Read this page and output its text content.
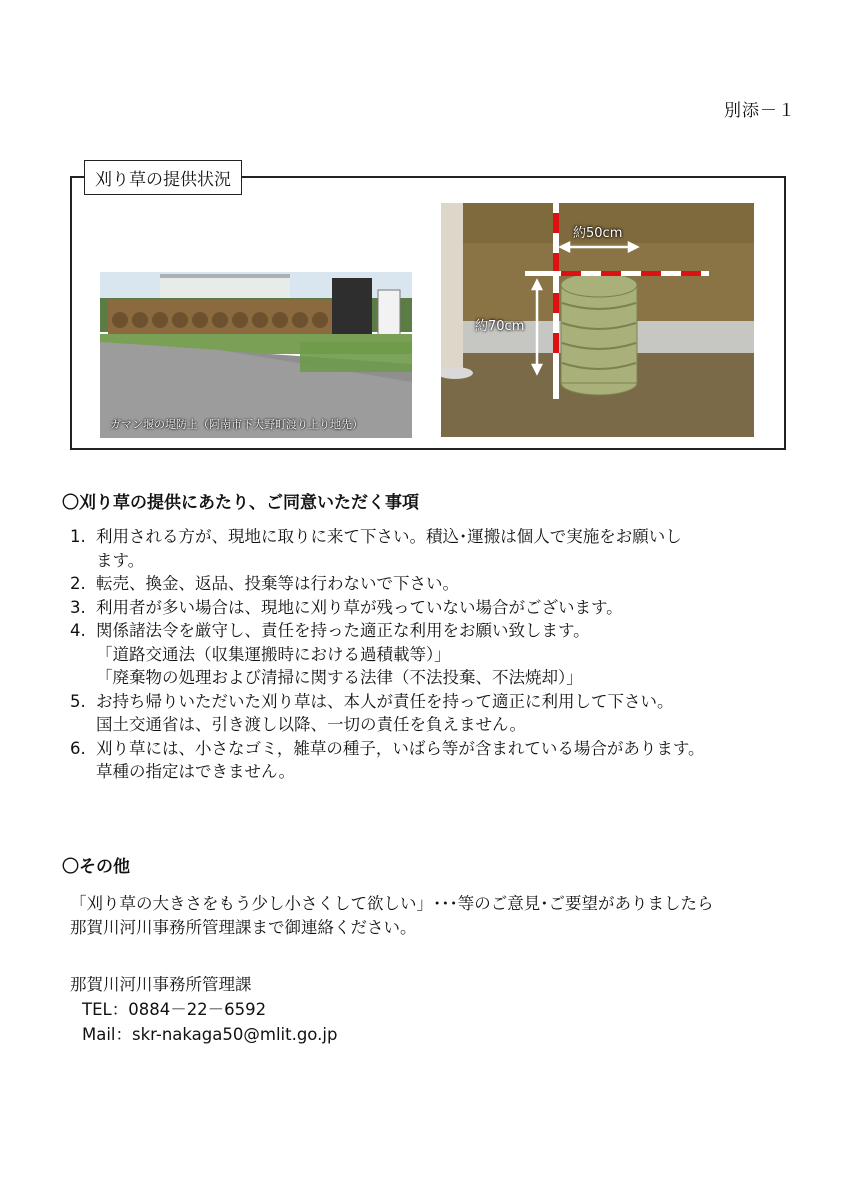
別添－１
刈り草の提供状況
ガマン堰の堤防上（阿南市下大野町渡り上り地先）
約50cm
約70cm
〇刈り草の提供にあたり、ご同意いただく事項
1. 利用される方が、現地に取りに来て下さい。積込･運搬は個人で実施をお願いし
ます。
2. 転売、換金、返品、投棄等は行わないで下さい。
3. 利用者が多い場合は、現地に刈り草が残っていない場合がございます。
4. 関係諸法令を厳守し、責任を持った適正な利用をお願い致します。
「道路交通法（収集運搬時における過積載等）」
「廃棄物の処理および清掃に関する法律（不法投棄、不法焼却）」
5. お持ち帰りいただいた刈り草は、本人が責任を持って適正に利用して下さい。
国土交通省は、引き渡し以降、一切の責任を負えません。
6. 刈り草には、小さなゴミ，雑草の種子，いばら等が含まれている場合があります。
草種の指定はできません。
〇その他
「刈り草の大きさをもう少し小さくして欲しい」･･･等のご意見･ご要望がありましたら
那賀川河川事務所管理課まで御連絡ください。
那賀川河川事務所管理課
TEL：0884－22－6592
Mail：skr-nakaga50@mlit.go.jp
